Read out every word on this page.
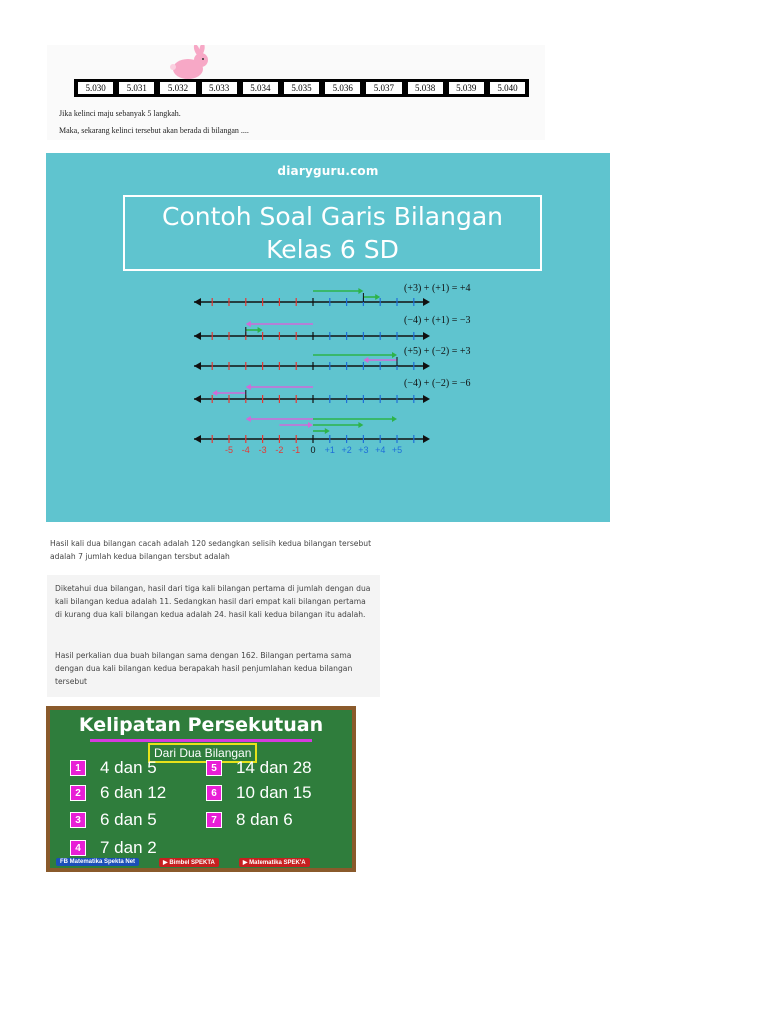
5.030	5.031	5.032	5.033	5.034	5.035	5.036	5.037	5.038	5.039	5.040
Jika kelinci maju sebanyak 5 langkah.
Maka, sekarang kelinci tersebut akan berada di bilangan ....
diaryguru.com
Contoh Soal Garis Bilangan
Kelas 6 SD
-5 -4 -3 -2 -1 0 +1 +2 +3 +4 +5
(+3) + (+1) = +4
(−4) + (+1) = −3
(+5) + (−2) = +3
(−4) + (−2) = −6
Hasil kali dua bilangan cacah adalah 120 sedangkan selisih kedua bilangan tersebut adalah 7 jumlah kedua bilangan tersbut adalah
Diketahui dua bilangan, hasil dari tiga kali bilangan pertama di jumlah dengan dua kali bilangan kedua adalah 11. Sedangkan hasil dari empat kali bilangan pertama di kurang dua kali bilangan kedua adalah 24. hasil kali kedua bilangan itu adalah.
Hasil perkalian dua buah bilangan sama dengan 162. Bilangan pertama sama dengan dua kali bilangan kedua berapakah hasil penjumlahan kedua bilangan tersebut
Kelipatan Persekutuan
Dari Dua Bilangan
1	4 dan 5
2	6 dan 12
3	6 dan 5
4	7 dan 2
5	14 dan 28
6	10 dan 15
7	8 dan 6
FB Matematika Spekta Net	▶ Bimbel SPEKTA	▶ Matematika SPEK'A
